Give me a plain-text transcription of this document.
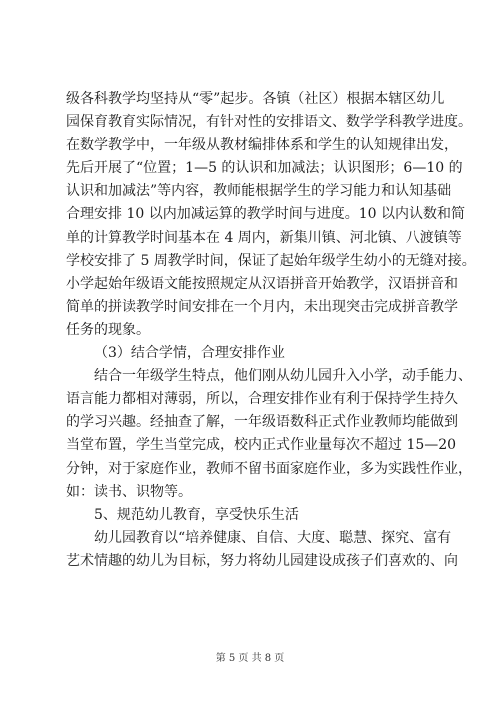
级各科教学均坚持从“零”起步。各镇（社区）根据本辖区幼儿
园保育教育实际情况，有针对性的安排语文、数学学科教学进度。
在数学教学中，一年级从教材编排体系和学生的认知规律出发，
先后开展了“位置；1—5 的认识和加减法；认识图形；6—10 的
认识和加减法”等内容，教师能根据学生的学习能力和认知基础
合理安排 10 以内加减运算的教学时间与进度。10 以内认数和简
单的计算教学时间基本在 4 周内，新集川镇、河北镇、八渡镇等
学校安排了 5 周教学时间，保证了起始年级学生幼小的无缝对接。
小学起始年级语文能按照规定从汉语拼音开始教学，汉语拼音和
简单的拼读教学时间安排在一个月内，未出现突击完成拼音教学
任务的现象。
（3）结合学情，合理安排作业
结合一年级学生特点，他们刚从幼儿园升入小学，动手能力、
语言能力都相对薄弱，所以，合理安排作业有利于保持学生持久
的学习兴趣。经抽查了解，一年级语数科正式作业教师均能做到
当堂布置，学生当堂完成，校内正式作业量每次不超过 15—20
分钟，对于家庭作业，教师不留书面家庭作业，多为实践性作业，
如：读书、识物等。
5、规范幼儿教育，享受快乐生活
幼儿园教育以“培养健康、自信、大度、聪慧、探究、富有
艺术情趣的幼儿为目标，努力将幼儿园建设成孩子们喜欢的、向
第 5 页 共 8 页
